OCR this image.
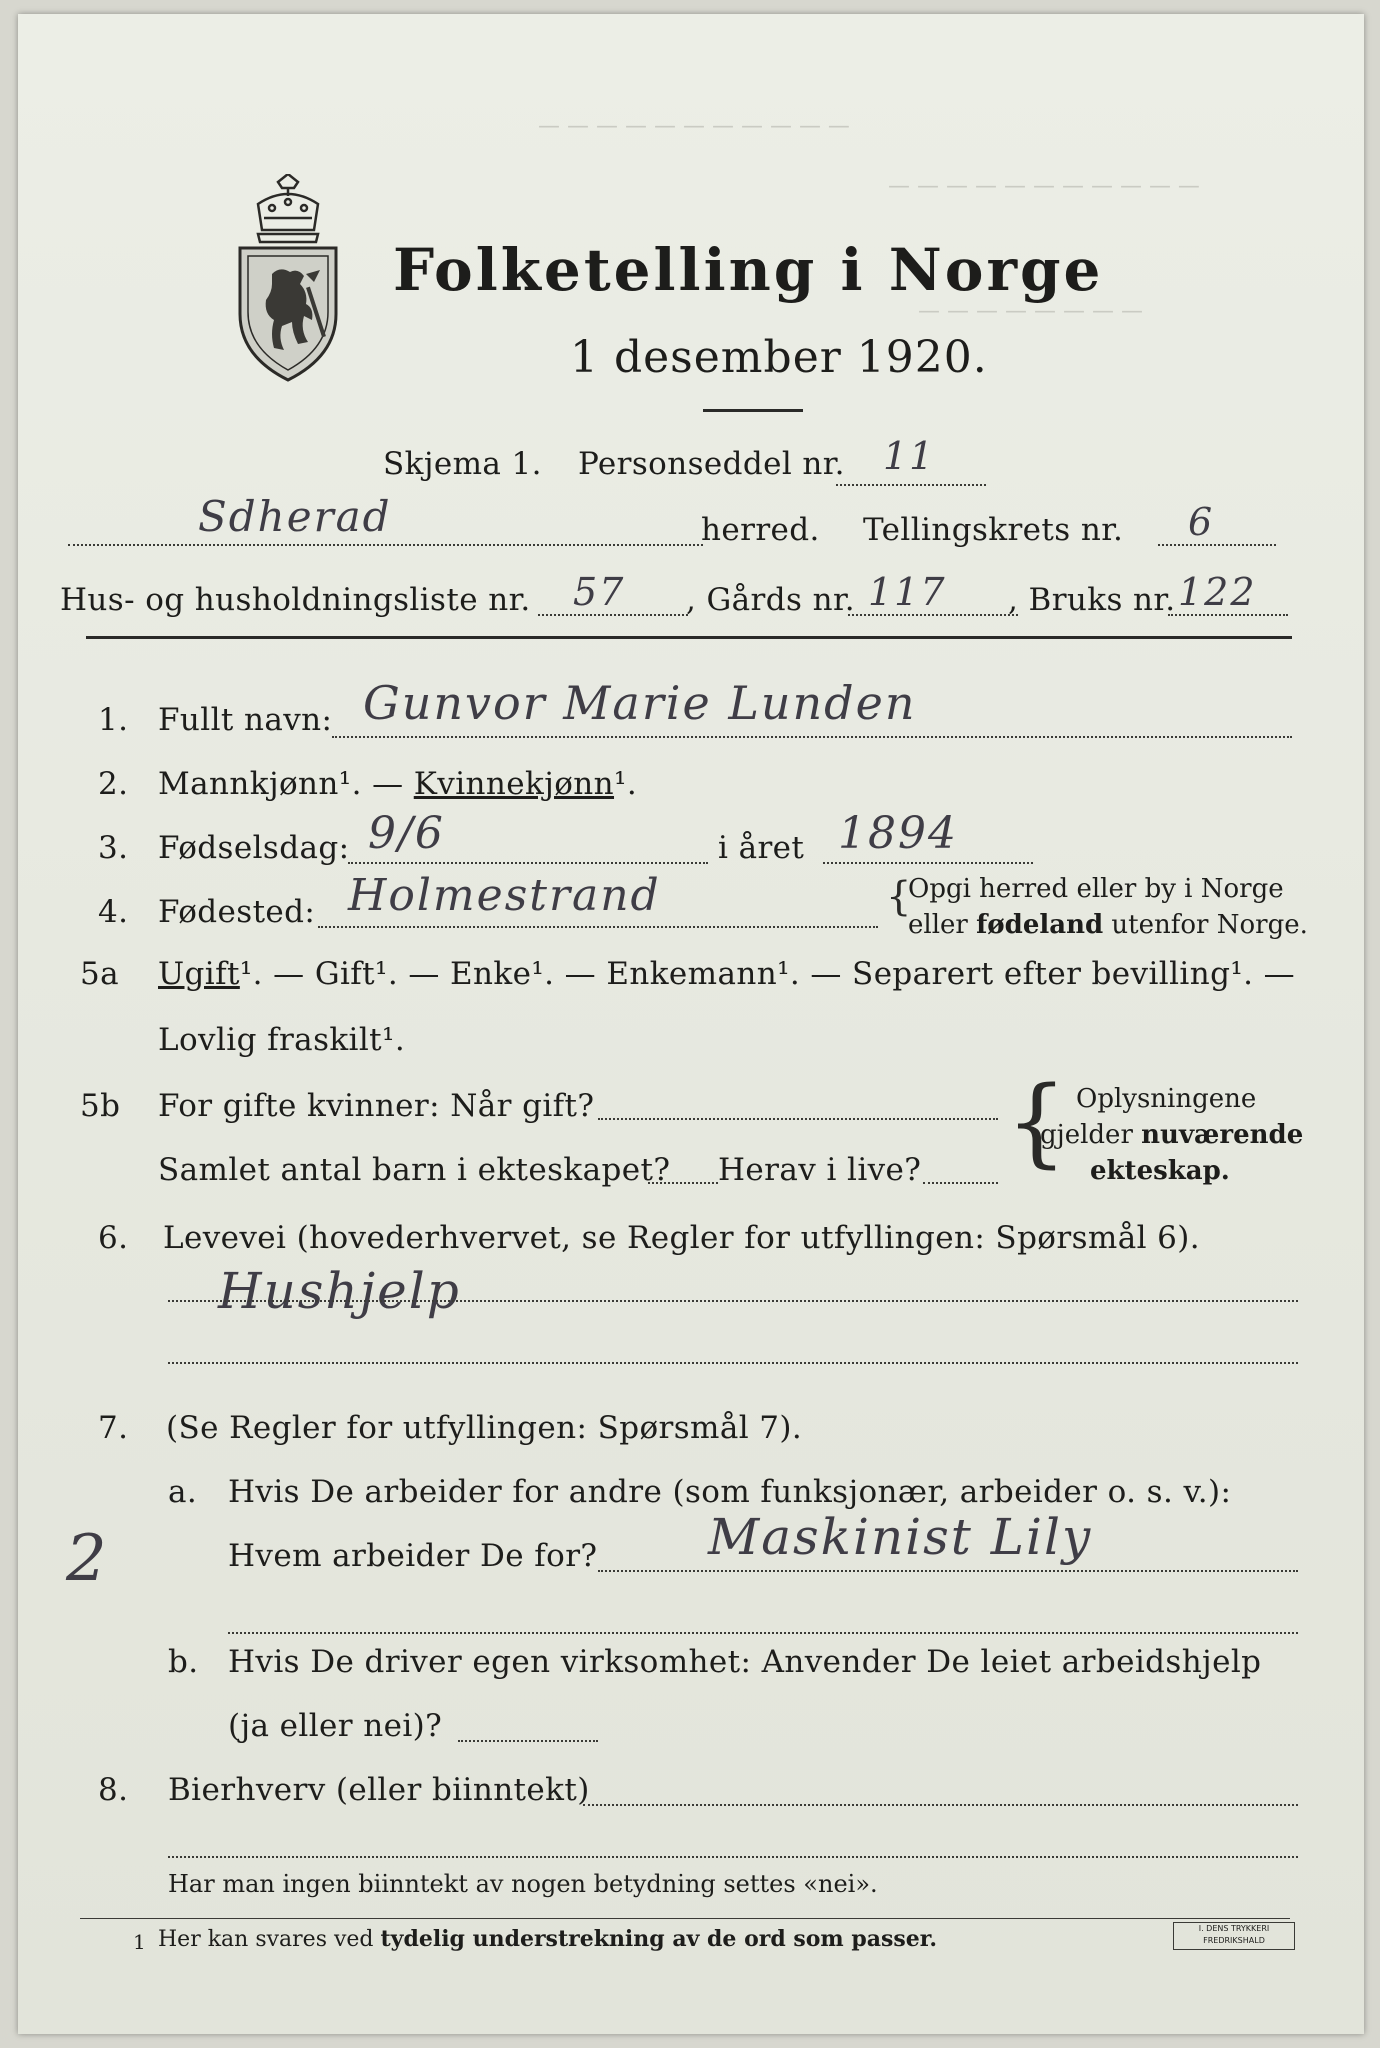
— — — — — — — — — — —
— — — — — — — — — — —
— — — — — — — —
Folketelling i Norge
1 desember 1920.
Skjema 1. Personseddel nr. 11
Sdherad	herred. Tellingskrets nr. 6
Hus- og husholdningsliste nr. 57 , Gårds nr. 117 , Bruks nr. 122
1. Fullt navn: Gunvor Marie Lunden
2. Mannkjønn¹. — Kvinnekjønn¹.
3. Fødselsdag: 9/6	i året 1894
4. Fødested: Holmestrand	{
Opgi herred eller by i Norge
eller fødeland utenfor Norge.
5a Ugift¹. — Gift¹. — Enke¹. — Enkemann¹. — Separert efter bevilling¹. —
Lovlig fraskilt¹.
5b For gifte kvinner: Når gift?
Samlet antal barn i ekteskapet? Herav i live? { Oplysningene
gjelder nuværende
ekteskap.
6. Levevei (hovederhvervet, se Regler for utfyllingen: Spørsmål 6).
Hushjelp
7. (Se Regler for utfyllingen: Spørsmål 7).
a. Hvis De arbeider for andre (som funksjonær, arbeider o. s. v.):
Hvem arbeider De for? Maskinist Lily
2
b. Hvis De driver egen virksomhet: Anvender De leiet arbeidshjelp
(ja eller nei)?
8. Bierhverv (eller biinntekt)
Har man ingen biinntekt av nogen betydning settes «nei».
1 Her kan svares ved tydelig understrekning av de ord som passer.	I. DENS TRYKKERI FREDRIKSHALD
